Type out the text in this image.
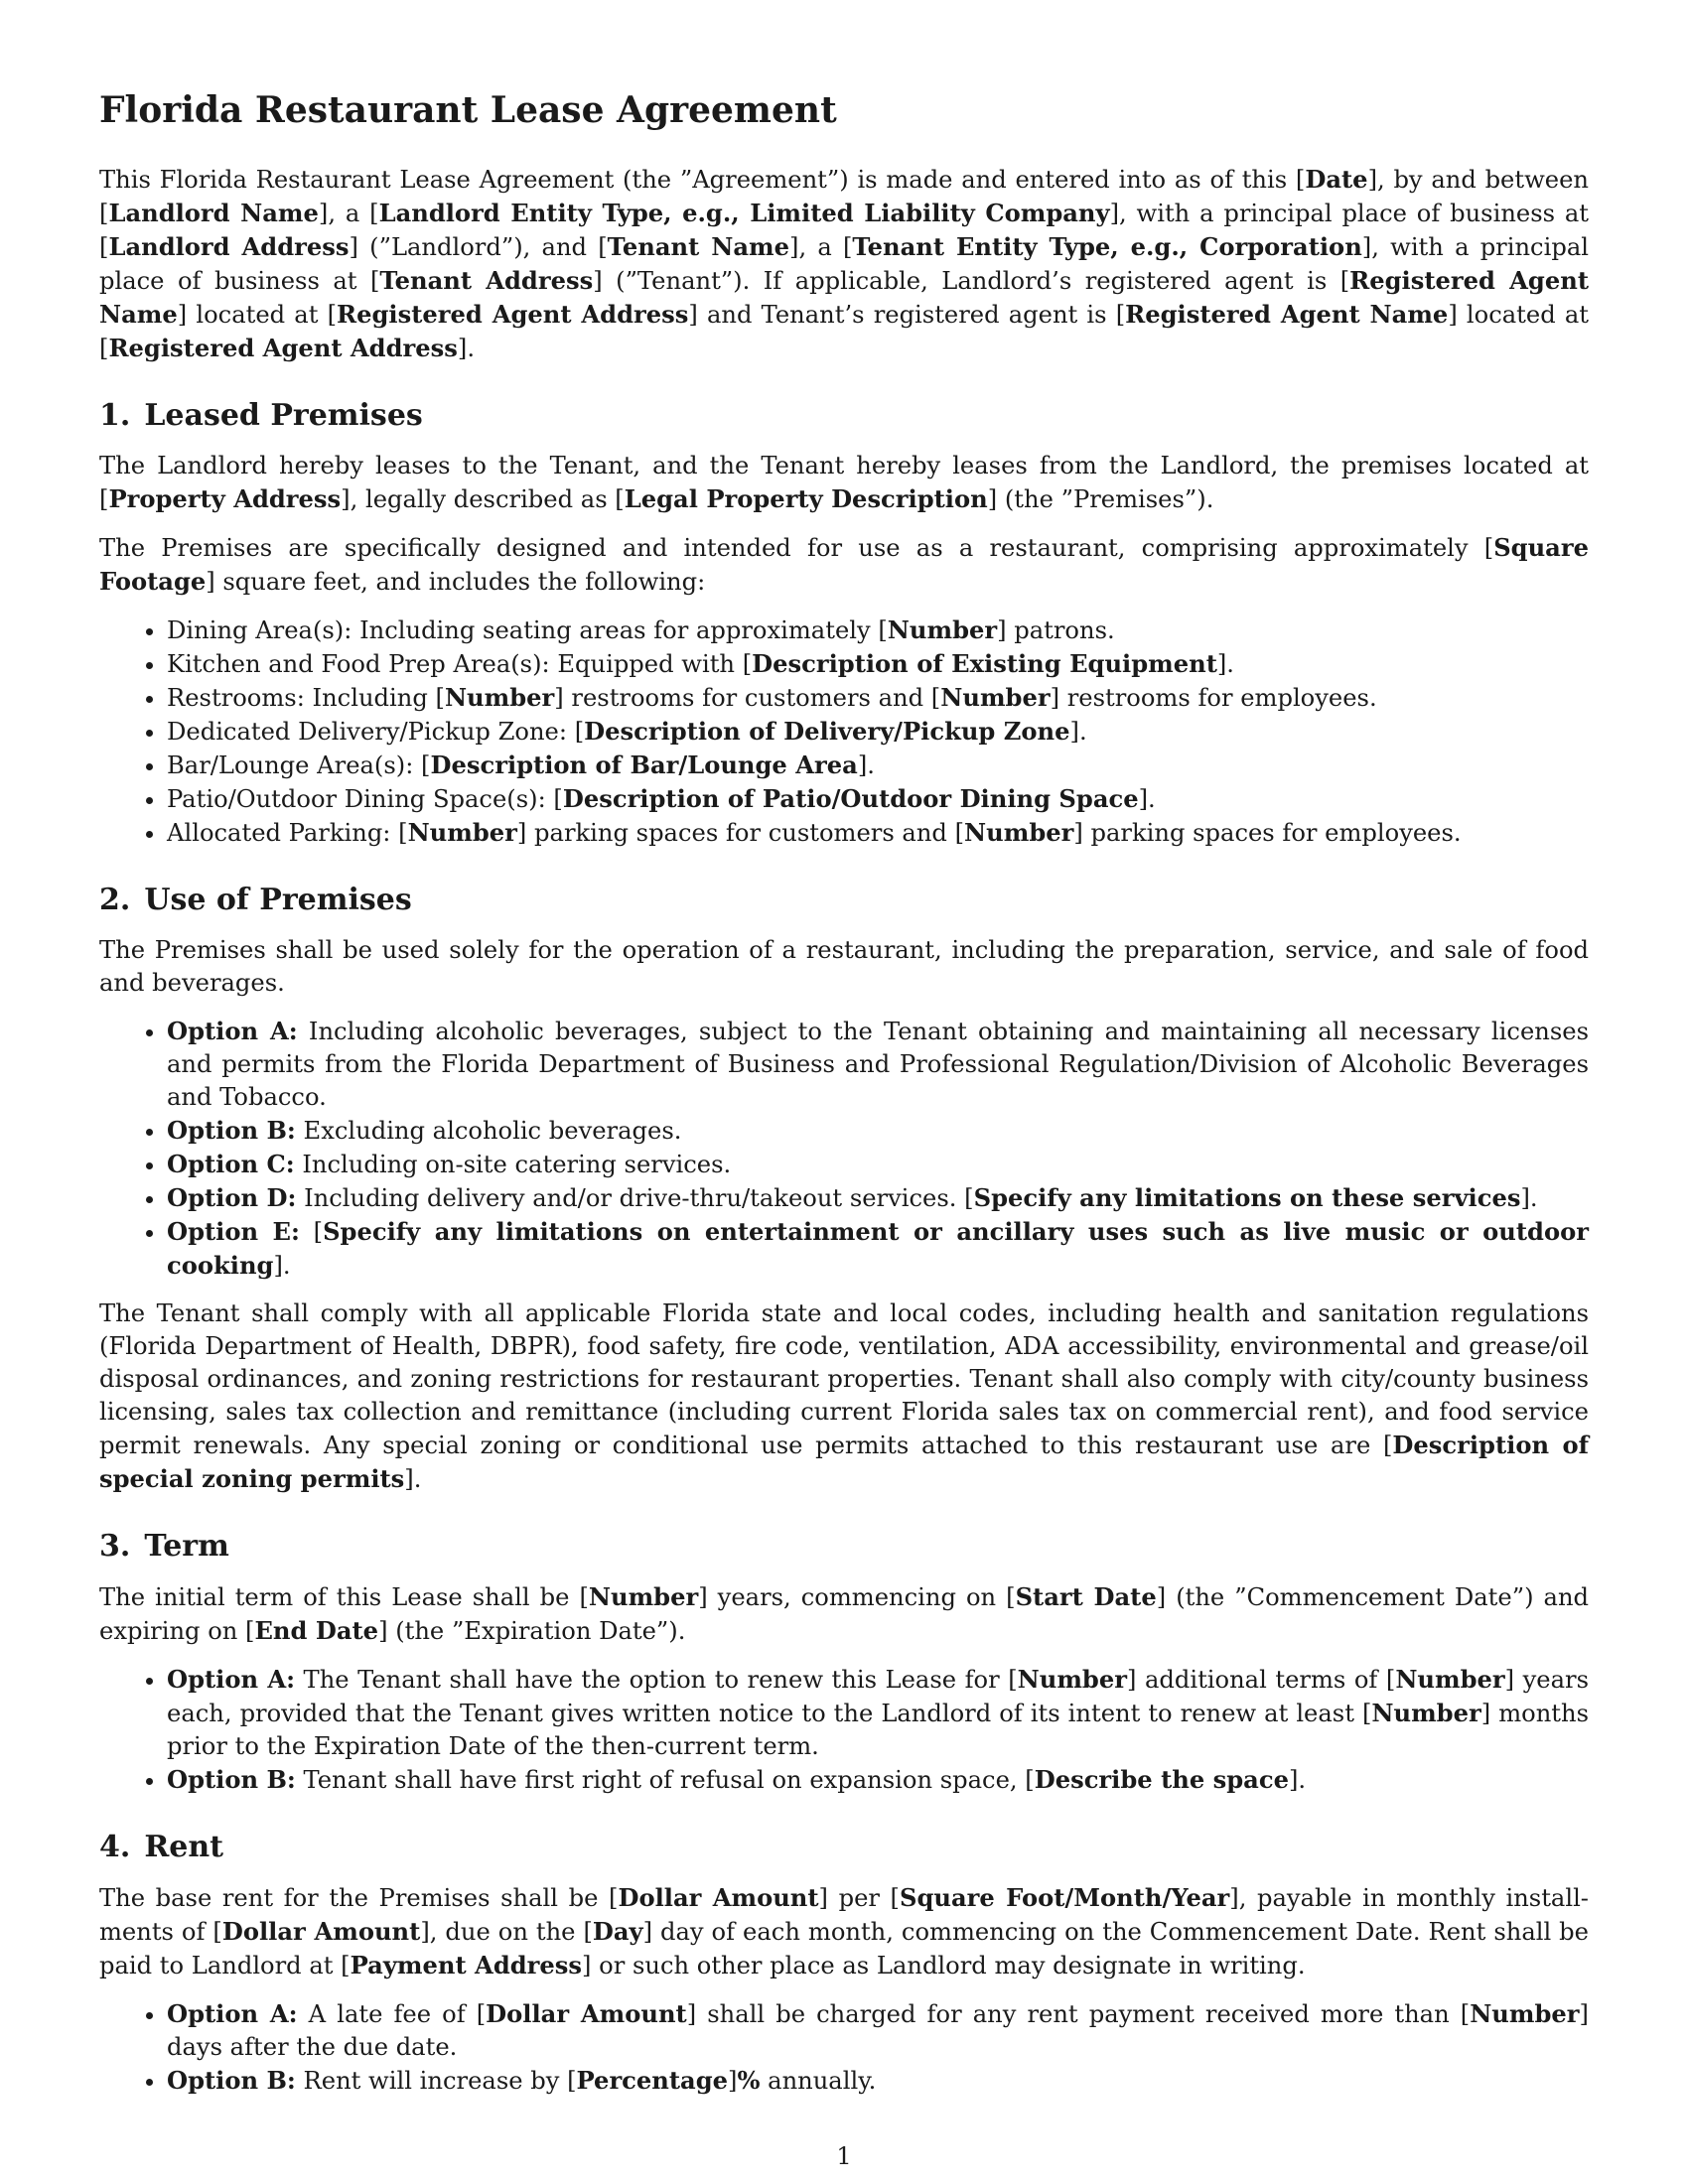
Florida Restaurant Lease Agreement

This Florida Restaurant Lease Agreement (the ”Agreement”) is made and entered into as of this [Date], by and between [Landlord Name], a [Landlord Entity Type, e.g., Limited Liability Company], with a principal place of business at [Landlord Address] (”Landlord”), and [Tenant Name], a [Tenant Entity Type, e.g., Corporation], with a principal place of business at [Tenant Address] (”Tenant”). If applicable, Landlord’s registered agent is [Registered Agent Name] located at [Registered Agent Address] and Tenant’s registered agent is [Registered Agent Name] located at [Registered Agent Address].

1. Leased Premises

The Landlord hereby leases to the Tenant, and the Tenant hereby leases from the Landlord, the premises located at [Property Address], legally described as [Legal Property Description] (the ”Premises”).

The Premises are specifically designed and intended for use as a restaurant, comprising approximately [Square Footage] square feet, and includes the following:

• Dining Area(s): Including seating areas for approximately [Number] patrons.
• Kitchen and Food Prep Area(s): Equipped with [Description of Existing Equipment].
• Restrooms: Including [Number] restrooms for customers and [Number] restrooms for employees.
• Dedicated Delivery/Pickup Zone: [Description of Delivery/Pickup Zone].
• Bar/Lounge Area(s): [Description of Bar/Lounge Area].
• Patio/Outdoor Dining Space(s): [Description of Patio/Outdoor Dining Space].
• Allocated Parking: [Number] parking spaces for customers and [Number] parking spaces for employees.
2. Use of Premises

The Premises shall be used solely for the operation of a restaurant, including the preparation, service, and sale of food and beverages.

• Option A: Including alcoholic beverages, subject to the Tenant obtaining and maintaining all necessary licenses and permits from the Florida Department of Business and Professional Regulation/Division of Alcoholic Beverages and Tobacco.
• Option B: Excluding alcoholic beverages.
• Option C: Including on-site catering services.
• Option D: Including delivery and/or drive-thru/takeout services. [Specify any limitations on these services].
• Option E: [Specify any limitations on entertainment or ancillary uses such as live music or outdoor cooking].

The Tenant shall comply with all applicable Florida state and local codes, including health and sanitation regulations (Florida Department of Health, DBPR), food safety, fire code, ventilation, ADA accessibility, environmental and grease/oil disposal ordinances, and zoning restrictions for restaurant properties. Tenant shall also comply with city/county business licensing, sales tax collection and remittance (including current Florida sales tax on commercial rent), and food service permit renewals. Any special zoning or conditional use permits attached to this restaurant use are [Description of special zoning permits].

3. Term

The initial term of this Lease shall be [Number] years, commencing on [Start Date] (the ”Commencement Date”) and expiring on [End Date] (the ”Expiration Date”).

• Option A: The Tenant shall have the option to renew this Lease for [Number] additional terms of [Number] years each, provided that the Tenant gives written notice to the Landlord of its intent to renew at least [Number] months prior to the Expiration Date of the then-current term.
• Option B: Tenant shall have first right of refusal on expansion space, [Describe the space].
4. Rent

The base rent for the Premises shall be [Dollar Amount] per [Square Foot/Month/Year], payable in monthly install-ments of [Dollar Amount], due on the [Day] day of each month, commencing on the Commencement Date. Rent shall be paid to Landlord at [Payment Address] or such other place as Landlord may designate in writing.

• Option A: A late fee of [Dollar Amount] shall be charged for any rent payment received more than [Number] days after the due date.
• Option B: Rent will increase by [Percentage]% annually.
1
